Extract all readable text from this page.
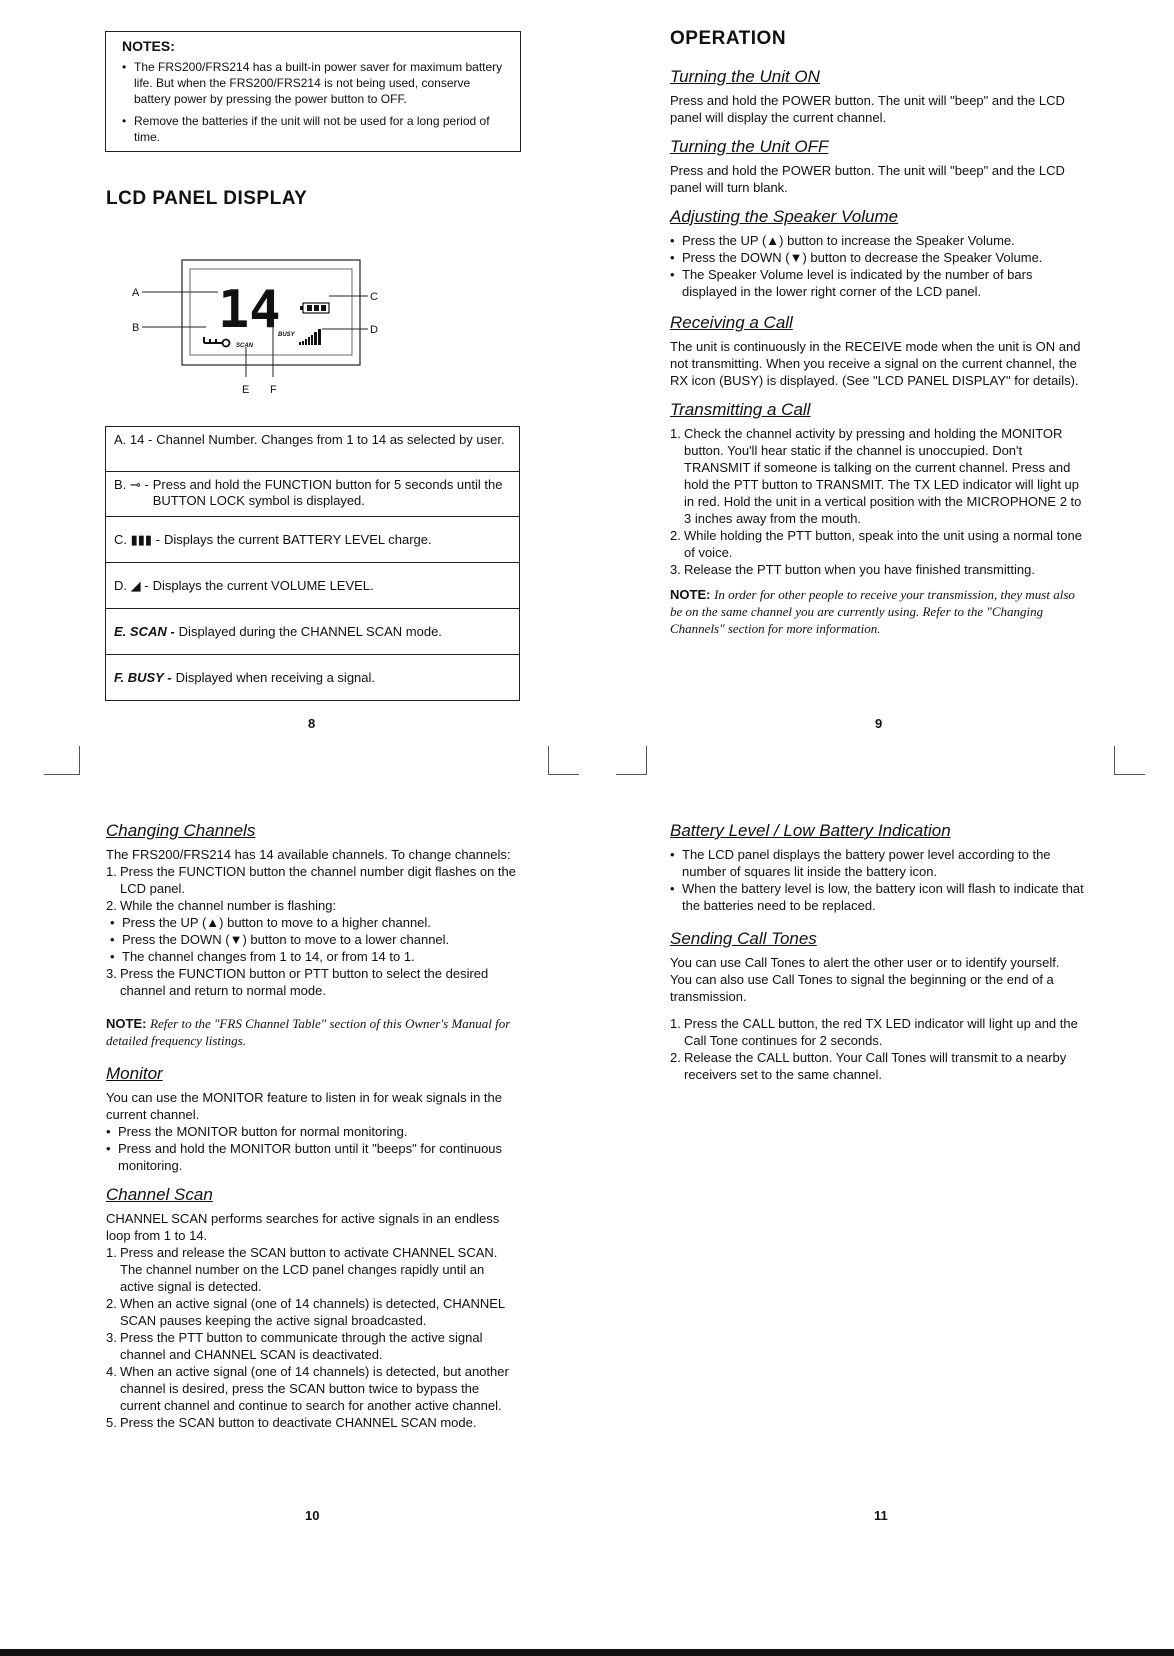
NOTES:
• The FRS200/FRS214 has a built-in power saver for maximum battery life. But when the FRS200/FRS214 is not being used, conserve battery power by pressing the power button to OFF.
• Remove the batteries if the unit will not be used for a long period of time.
LCD PANEL DISPLAY
14
BUSY
SCAN
A
B
C
D
E F
A. 14 - Channel Number. Changes from 1 to 14 as selected by user.
B. ⊸ - Press and hold the FUNCTION button for 5 seconds until the BUTTON LOCK symbol is displayed.
C. ▮▮▮ - Displays the current BATTERY LEVEL charge.
D. ◢ - Displays the current VOLUME LEVEL.
E. SCAN - Displayed during the CHANNEL SCAN mode.
F. BUSY - Displayed when receiving a signal.
8
OPERATION
Turning the Unit ON

Press and hold the POWER button. The unit will "beep" and the LCD panel will display the current channel.

Turning the Unit OFF

Press and hold the POWER button. The unit will "beep" and the LCD panel will turn blank.

Adjusting the Speaker Volume
• Press the UP (▲) button to increase the Speaker Volume.
• Press the DOWN (▼) button to decrease the Speaker Volume.
• The Speaker Volume level is indicated by the number of bars displayed in the lower right corner of the LCD panel.
Receiving a Call

The unit is continuously in the RECEIVE mode when the unit is ON and not transmitting. When you receive a signal on the current channel, the RX icon (BUSY) is displayed. (See "LCD PANEL DISPLAY" for details).

Transmitting a Call
1. Check the channel activity by pressing and holding the MONITOR button. You'll hear static if the channel is unoccupied. Don't TRANSMIT if someone is talking on the current channel. Press and hold the PTT button to TRANSMIT. The TX LED indicator will light up in red. Hold the unit in a vertical position with the MICROPHONE 2 to 3 inches away from the mouth.
2. While holding the PTT button, speak into the unit using a normal tone of voice.
3. Release the PTT button when you have finished transmitting.

NOTE: In order for other people to receive your transmission, they must also be on the same channel you are currently using. Refer to the "Changing Channels" section for more information.

9
Changing Channels

The FRS200/FRS214 has 14 available channels. To change channels:

1. Press the FUNCTION button the channel number digit flashes on the LCD panel.
2. While the channel number is flashing:
• Press the UP (▲) button to move to a higher channel.
• Press the DOWN (▼) button to move to a lower channel.
• The channel changes from 1 to 14, or from 14 to 1.
3. Press the FUNCTION button or PTT button to select the desired channel and return to normal mode.

NOTE: Refer to the "FRS Channel Table" section of this Owner's Manual for detailed frequency listings.

Monitor

You can use the MONITOR feature to listen in for weak signals in the current channel.

• Press the MONITOR button for normal monitoring.
• Press and hold the MONITOR button until it "beeps" for continuous monitoring.
Channel Scan

CHANNEL SCAN performs searches for active signals in an endless loop from 1 to 14.

1. Press and release the SCAN button to activate CHANNEL SCAN. The channel number on the LCD panel changes rapidly until an active signal is detected.
2. When an active signal (one of 14 channels) is detected, CHANNEL SCAN pauses keeping the active signal broadcasted.
3. Press the PTT button to communicate through the active signal channel and CHANNEL SCAN is deactivated.
4. When an active signal (one of 14 channels) is detected, but another channel is desired, press the SCAN button twice to bypass the current channel and continue to search for another active channel.
5. Press the SCAN button to deactivate CHANNEL SCAN mode.
10
Battery Level / Low Battery Indication
• The LCD panel displays the battery power level according to the number of squares lit inside the battery icon.
• When the battery level is low, the battery icon will flash to indicate that the batteries need to be replaced.
Sending Call Tones

You can use Call Tones to alert the other user or to identify yourself. You can also use Call Tones to signal the beginning or the end of a transmission.

1. Press the CALL button, the red TX LED indicator will light up and the Call Tone continues for 2 seconds.
2. Release the CALL button. Your Call Tones will transmit to a nearby receivers set to the same channel.
11
